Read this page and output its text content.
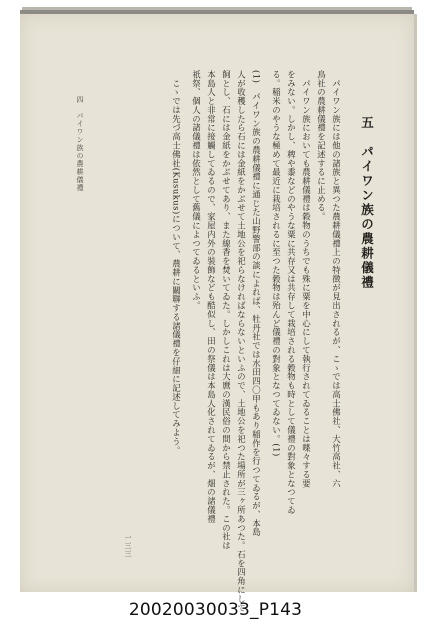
五　パイワン族の農耕儀禮
　パイワン族には他の諸族と異つた農耕儀禮上の特徴が見出されるが、こゝでは高士佛社、大竹高社、六
鳥社の農耕儀禮を記述するに止める。
　パイワン族においても農耕儀禮は穀物のうちでも殊に粟を中心にして執行されてゐることは喋々する要
をみない。しかし、稗や黍などのやうな粟に共存又は共存して栽培される穀物も時として儀禮の對象となつてゐ
る。稲米のやうな極めて最近に栽培されるに至つた穀物は殆んど儀禮の對象となつてゐない。(1)
(1)　パイワン族の農耕儀禮に通じた山野警部の談によれば、牡丹社では水田四〇甲もあり稲作を行つてゐるが、本島
人が收穫したら石には金紙をかぶせて土地公を祀らなければならないといふので、土地公を祀つた場所が三ヶ所あつた。石を四角にして
飼とし、石には金紙をかぶせてあり、また線香を焚いてゐた。しかしこれは大麿の漢民俗の間から禁止された。この社は
本島人と非常に接觸してゐるので、家屋内外の裝飾なども酷似し、田の祭儀は本島人化されてゐるが、畑の諸儀禮
祇祭、個人の諸儀禮は依然として舊儀によつてゐるといふ。
　こゝでは先づ高士佛社(Kusukus)について、農耕に關聯する諸儀禮を仔細に記述してみよう。
四　パイワン族の農耕儀禮
一三三
20020030033_P143
